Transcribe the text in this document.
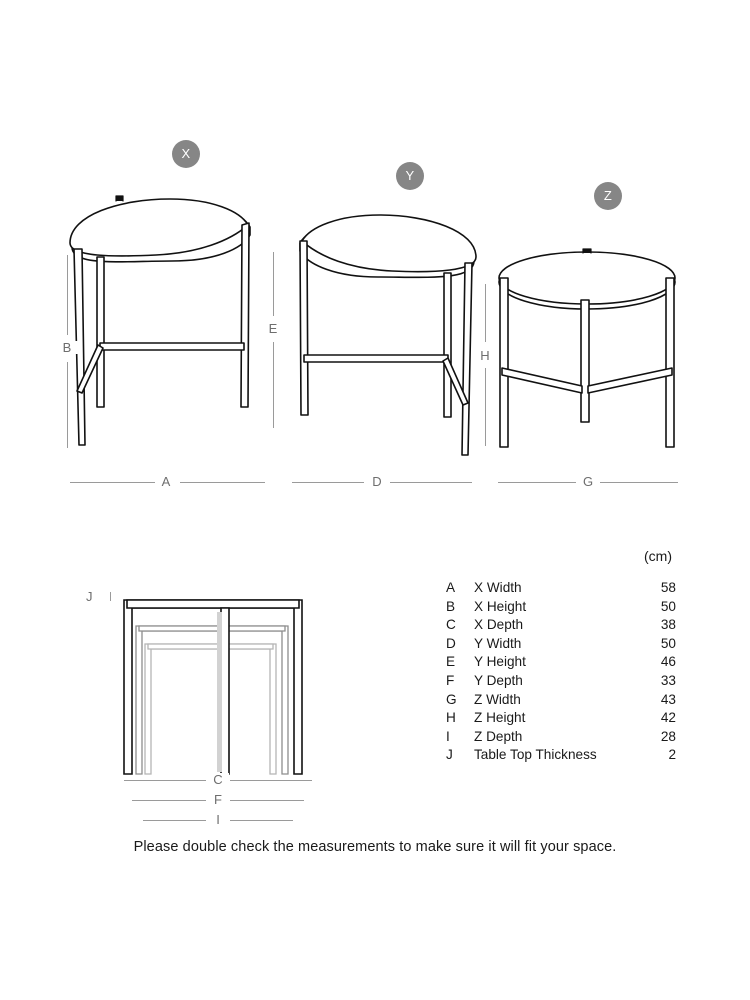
X
Y
Z
B
A
E
D
H
G
J
C
F
I
(cm)
A	X Width	58
B	X Height	50
C	X Depth	38
D	Y Width	50
E	Y Height	46
F	Y Depth	33
G	Z Width	43
H	Z Height	42
I	Z Depth	28
J	Table Top Thickness	2
Please double check the measurements to make sure it will fit your space.
